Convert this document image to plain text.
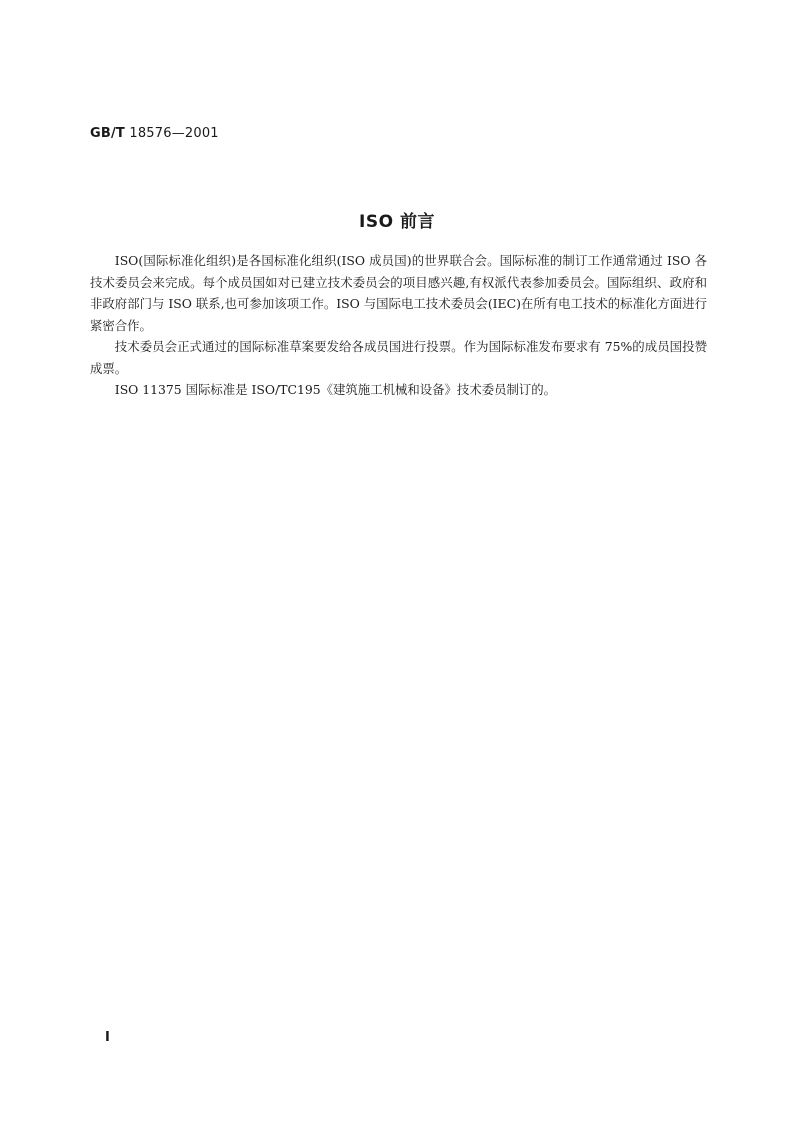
GB/T 18576—2001
ISO 前言

ISO(国际标准化组织)是各国标准化组织(ISO 成员国)的世界联合会。国际标准的制订工作通常通过 ISO 各技术委员会来完成。每个成员国如对已建立技术委员会的项目感兴趣,有权派代表参加委员会。国际组织、政府和非政府部门与 ISO 联系,也可参加该项工作。ISO 与国际电工技术委员会(IEC)在所有电工技术的标准化方面进行紧密合作。

技术委员会正式通过的国际标准草案要发给各成员国进行投票。作为国际标准发布要求有 75%的成员国投赞成票。

ISO 11375 国际标准是 ISO/TC195《建筑施工机械和设备》技术委员制订的。

I
